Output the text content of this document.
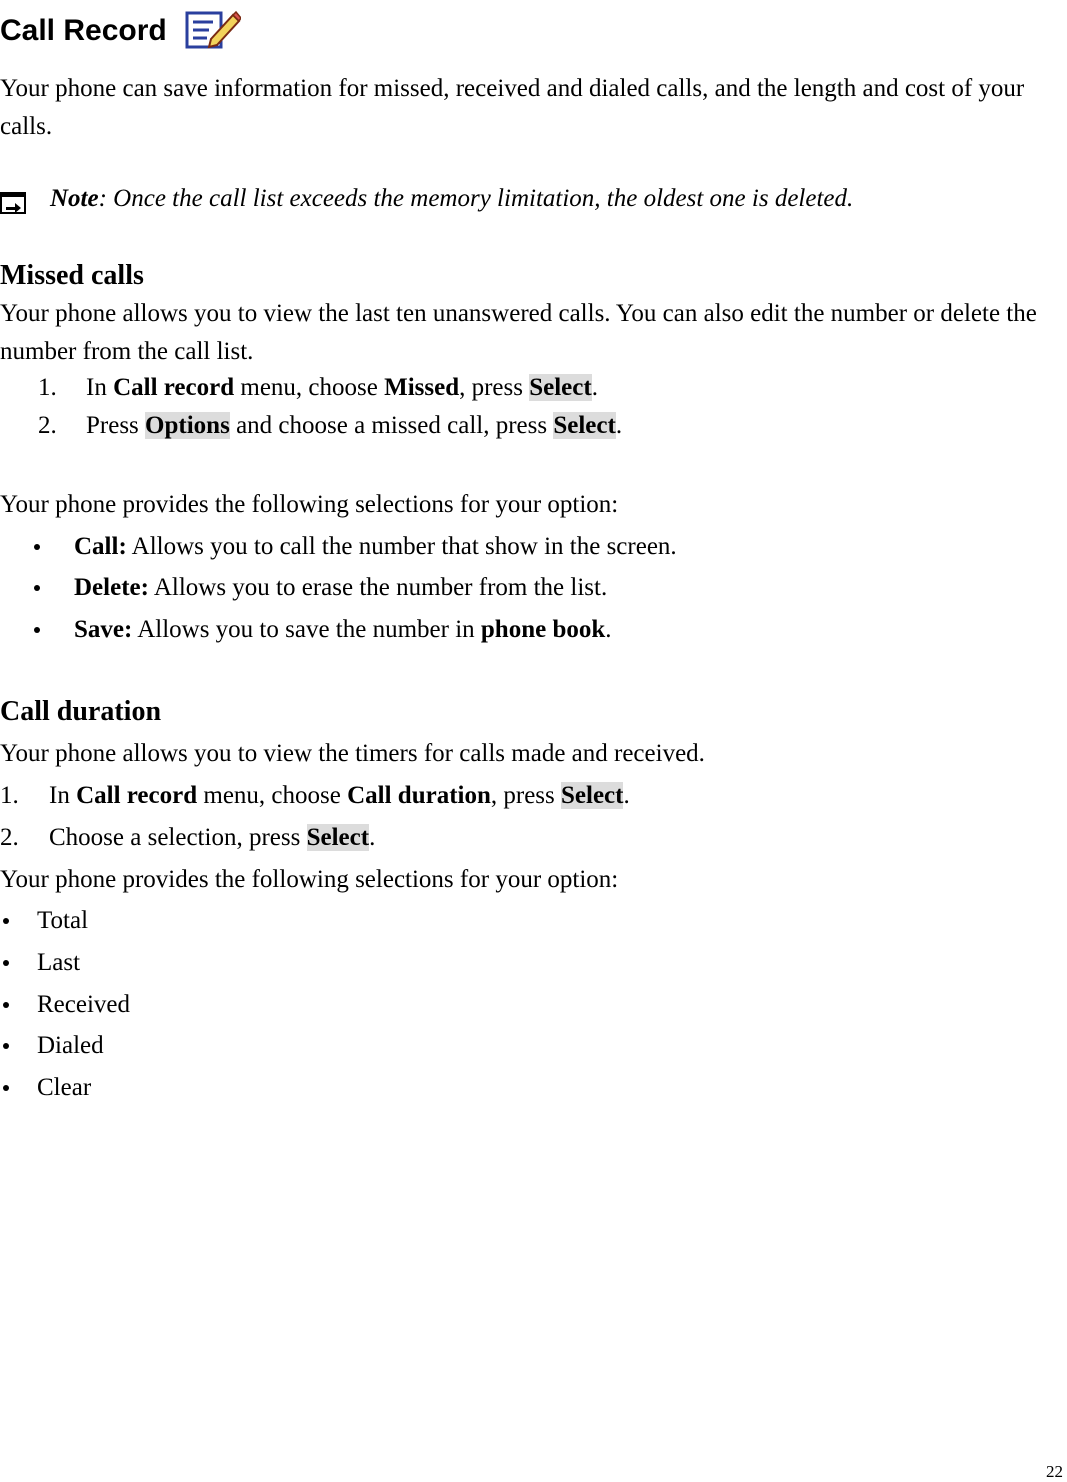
Call Record
Your phone can save information for missed, received and dialed calls, and the length and cost of your calls.
Note: Once the call list exceeds the memory limitation, the oldest one is deleted.
Missed calls
Your phone allows you to view the last ten unanswered calls. You can also edit the number or delete the number from the call list.
1.	In Call record menu, choose Missed, press Select.
2.	Press Options and choose a missed call, press Select.
Your phone provides the following selections for your option:
Call: Allows you to call the number that show in the screen.
Delete: Allows you to erase the number from the list.
Save: Allows you to save the number in phone book.
Call duration
Your phone allows you to view the timers for calls made and received.
1.	In Call record menu, choose Call duration, press Select.
2.	Choose a selection, press Select.
Your phone provides the following selections for your option:
Total
Last
Received
Dialed
Clear
22
